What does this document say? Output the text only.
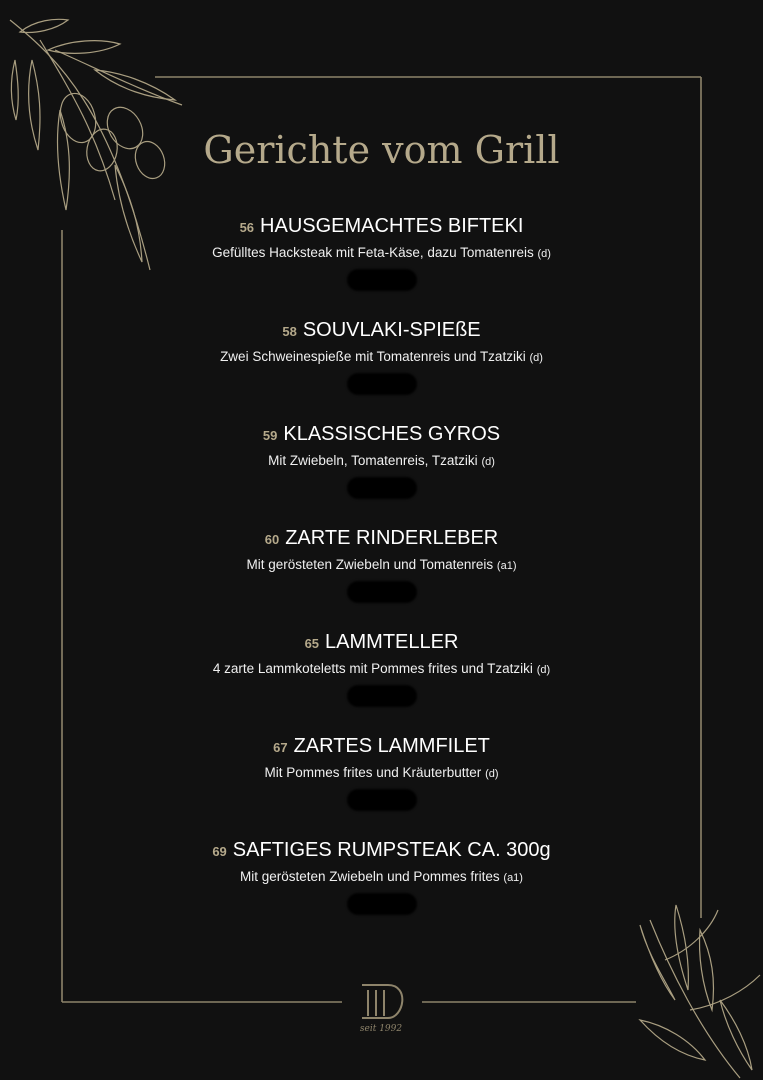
Gerichte vom Grill
56 HAUSGEMACHTES BIFTEKI
Gefülltes Hacksteak mit Feta-Käse, dazu Tomatenreis (d)
58 SOUVLAKI-SPIEßE
Zwei Schweinespieße mit Tomatenreis und Tzatziki (d)
59 KLASSISCHES GYROS
Mit Zwiebeln, Tomatenreis, Tzatziki (d)
60 ZARTE RINDERLEBER
Mit gerösteten Zwiebeln und Tomatenreis (a1)
65 LAMMTELLER
4 zarte Lammkoteletts mit Pommes frites und Tzatziki (d)
67 ZARTES LAMMFILET
Mit Pommes frites und Kräuterbutter (d)
69 SAFTIGES RUMPSTEAK CA. 300g
Mit gerösteten Zwiebeln und Pommes frites (a1)
seit 1992
